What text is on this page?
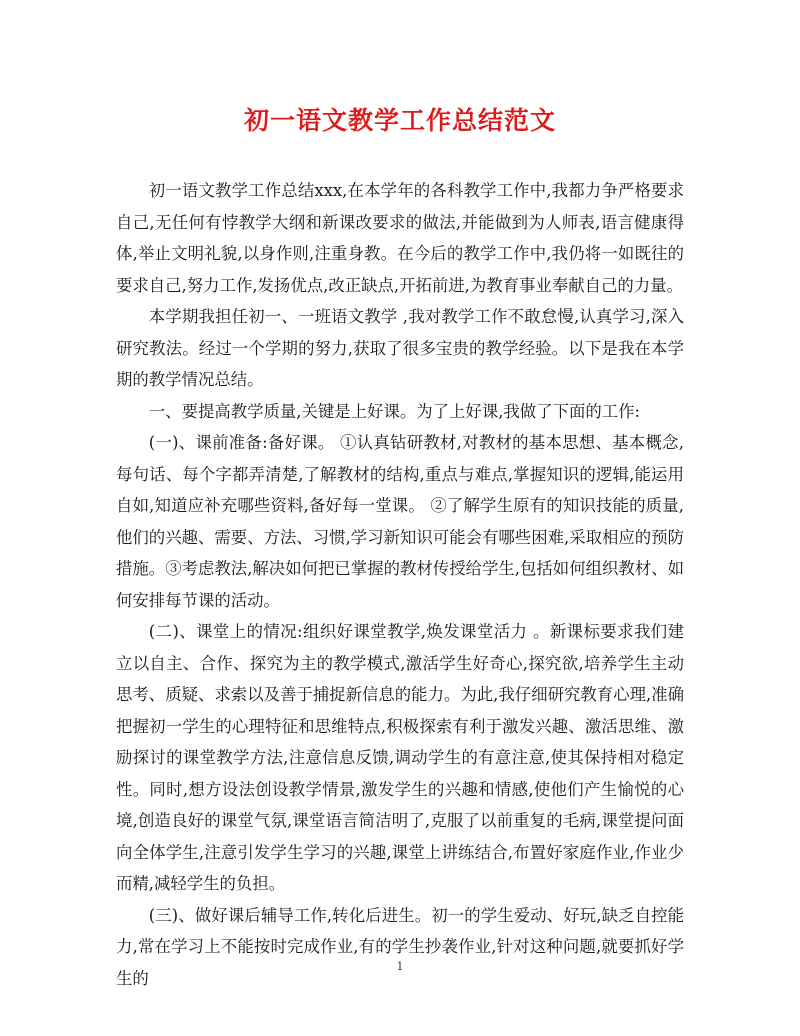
初一语文教学工作总结范文

初一语文教学工作总结xxx,在本学年的各科教学工作中,我都力争严格要求自己,无任何有悖教学大纲和新课改要求的做法,并能做到为人师表,语言健康得体,举止文明礼貌,以身作则,注重身教。在今后的教学工作中,我仍将一如既往的要求自己,努力工作,发扬优点,改正缺点,开拓前进,为教育事业奉献自己的力量。

本学期我担任初一、一班语文教学 ,我对教学工作不敢怠慢,认真学习,深入研究教法。经过一个学期的努力,获取了很多宝贵的教学经验。以下是我在本学期的教学情况总结。

一、要提高教学质量,关键是上好课。为了上好课,我做了下面的工作:

(一)、课前准备:备好课。 ①认真钻研教材,对教材的基本思想、基本概念,每句话、每个字都弄清楚,了解教材的结构,重点与难点,掌握知识的逻辑,能运用自如,知道应补充哪些资料,备好每一堂课。 ②了解学生原有的知识技能的质量,他们的兴趣、需要、方法、习惯,学习新知识可能会有哪些困难,采取相应的预防措施。③考虑教法,解决如何把已掌握的教材传授给学生,包括如何组织教材、如何安排每节课的活动。

(二)、课堂上的情况:组织好课堂教学,焕发课堂活力 。新课标要求我们建立以自主、合作、探究为主的教学模式,激活学生好奇心,探究欲,培养学生主动思考、质疑、求索以及善于捕捉新信息的能力。为此,我仔细研究教育心理,准确把握初一学生的心理特征和思维特点,积极探索有利于激发兴趣、激活思维、激励探讨的课堂教学方法,注意信息反馈,调动学生的有意注意,使其保持相对稳定性。同时,想方设法创设教学情景,激发学生的兴趣和情感,使他们产生愉悦的心境,创造良好的课堂气氛,课堂语言简洁明了,克服了以前重复的毛病,课堂提问面向全体学生,注意引发学生学习的兴趣,课堂上讲练结合,布置好家庭作业,作业少而精,减轻学生的负担。

(三)、做好课后辅导工作,转化后进生。初一的学生爱动、好玩,缺乏自控能力,常在学习上不能按时完成作业,有的学生抄袭作业,针对这种问题,就要抓好学生的

1
